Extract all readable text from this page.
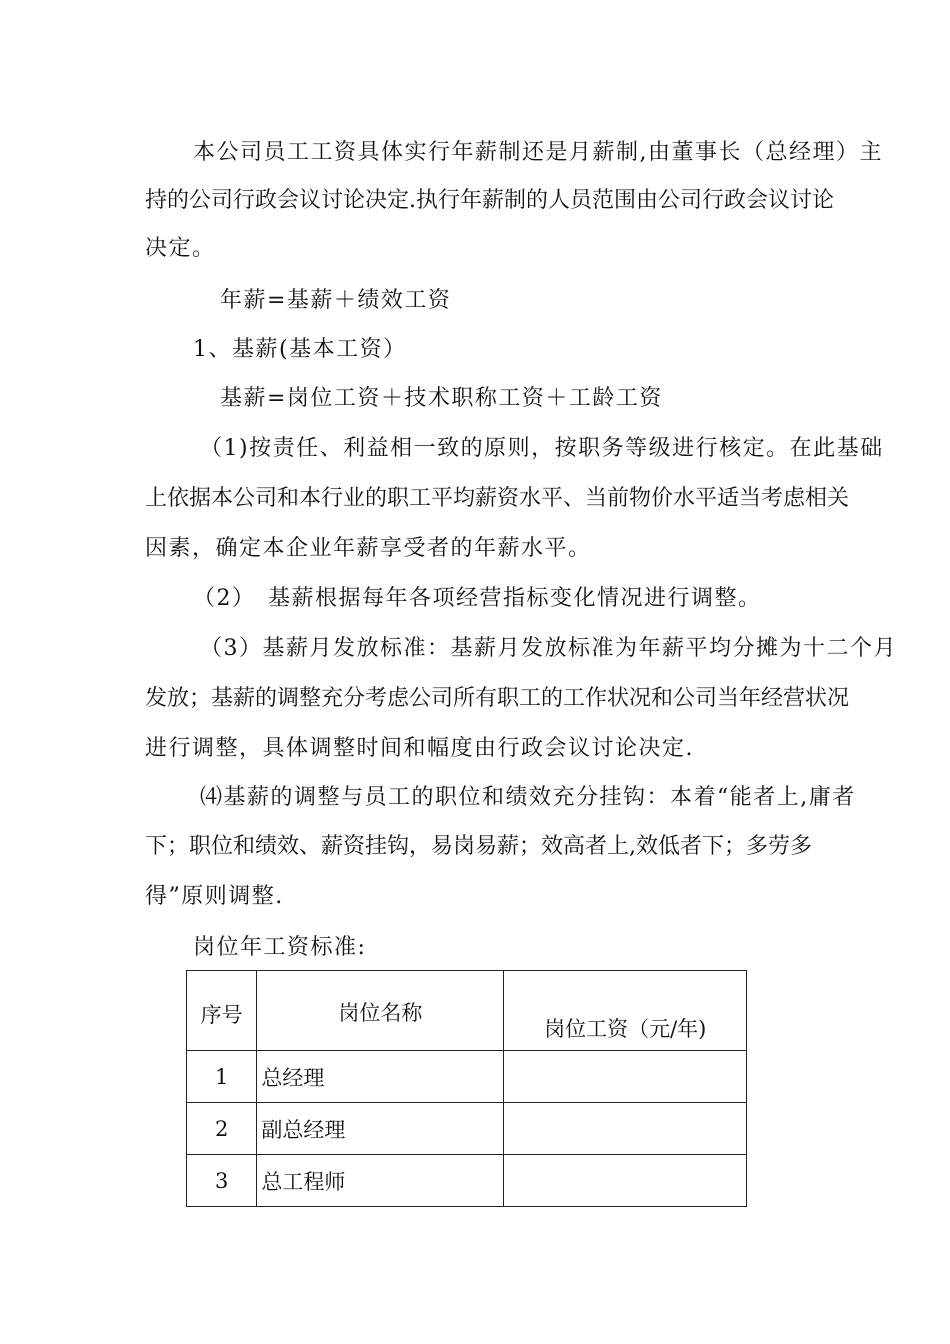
本公司员工工资具体实行年薪制还是月薪制,由董事长（总经理）主
持的公司行政会议讨论决定.执行年薪制的人员范围由公司行政会议讨论
决定。
年薪=基薪＋绩效工资
1、基薪(基本工资）
基薪=岗位工资＋技术职称工资＋工龄工资
（1)按责任、利益相一致的原则，按职务等级进行核定。在此基础
上依据本公司和本行业的职工平均薪资水平、当前物价水平适当考虑相关
因素，确定本企业年薪享受者的年薪水平。
（2）　基薪根据每年各项经营指标变化情况进行调整。
（3）基薪月发放标准：基薪月发放标准为年薪平均分摊为十二个月
发放；基薪的调整充分考虑公司所有职工的工作状况和公司当年经营状况
进行调整，具体调整时间和幅度由行政会议讨论决定.
⑷基薪的调整与员工的职位和绩效充分挂钩：本着“能者上,庸者
下；职位和绩效、薪资挂钩，易岗易薪；效高者上,效低者下；多劳多
得”原则调整.
岗位年工资标准:
序号	岗位名称	岗位工资（元/年)
1	总经理	
2	副总经理	
3	总工程师	
